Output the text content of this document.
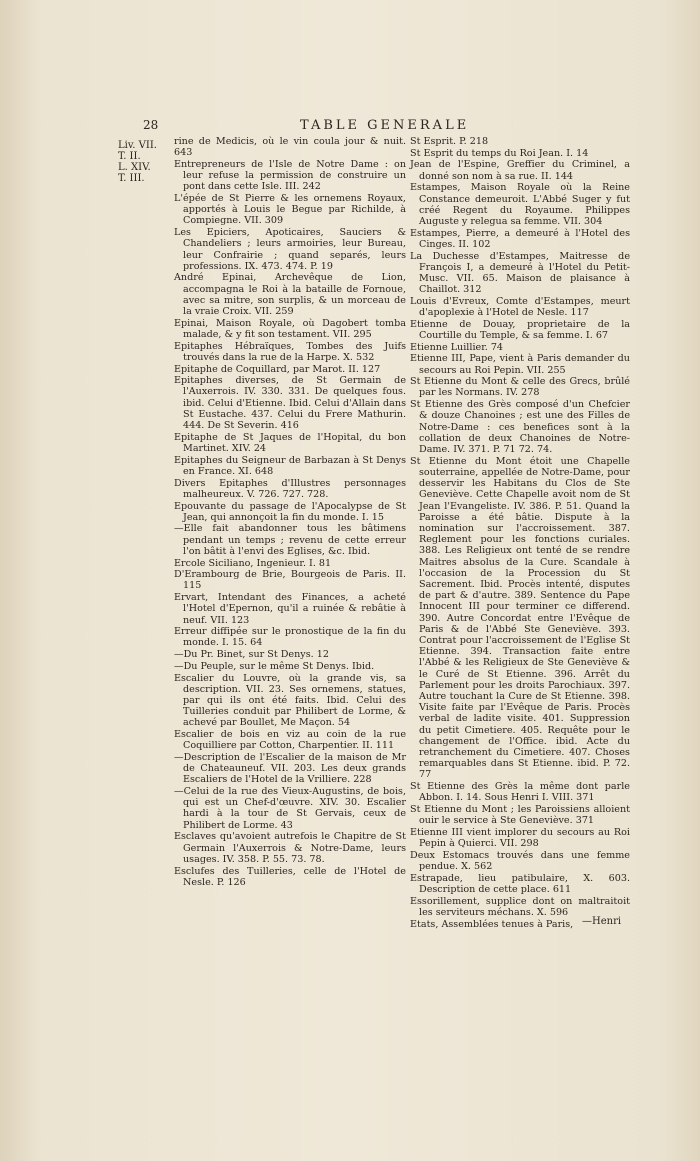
28	TABLE GENERALE
Liv. VII.
T. II.
L. XIV.
T. III.
rine de Medicis, où le vin coula jour & nuit. 643
Entrepreneurs de l'Isle de Notre Dame : on leur refuse la permission de construire un pont dans cette Isle. III. 242
L'épée de St Pierre & les ornemens Royaux, apportés à Louis le Begue par Richilde, à Compiegne. VII. 309
Les Epiciers, Apoticaires, Sauciers & Chandeliers ; leurs armoiries, leur Bureau, leur Confrairie ; quand separés, leurs professions. IX. 473. 474. P. 19
André Epinai, Archevêque de Lion, accompagna le Roi à la bataille de Fornoue, avec sa mitre, son surplis, & un morceau de la vraie Croix. VII. 259
Epinai, Maison Royale, où Dagobert tomba malade, & y fit son testament. VII. 295
Epitaphes Hébraïques, Tombes des Juifs trouvés dans la rue de la Harpe. X. 532
Epitaphe de Coquillard, par Marot. II. 127
Epitaphes diverses, de St Germain de l'Auxerrois. IV. 330. 331. De quelques fous. ibid. Celui d'Etienne. Ibid. Celui d'Allain dans St Eustache. 437. Celui du Frere Mathurin. 444. De St Severin. 416
Epitaphe de St Jaques de l'Hopital, du bon Martinet. XIV. 24
Epitaphes du Seigneur de Barbazan à St Denys en France. XI. 648
Divers Epitaphes d'Illustres personnages malheureux. V. 726. 727. 728.
Epouvante du passage de l'Apocalypse de St Jean, qui annonçoit la fin du monde. I. 15
—Elle fait abandonner tous les bâtimens pendant un temps ; revenu de cette erreur l'on bâtit à l'envi des Eglises, &c. Ibid.
Ercole Siciliano, Ingenieur. I. 81
D'Erambourg de Brie, Bourgeois de Paris. II. 115
Ervart, Intendant des Finances, a acheté l'Hotel d'Epernon, qu'il a ruinée & rebâtie à neuf. VII. 123
Erreur diffipée sur le pronostique de la fin du monde. I. 15. 64
—Du Pr. Binet, sur St Denys. 12
—Du Peuple, sur le même St Denys. Ibid.
Escalier du Louvre, où la grande vis, sa description. VII. 23. Ses ornemens, statues, par qui ils ont été faits. Ibid. Celui des Tuilleries conduit par Philibert de Lorme, & achevé par Boullet, Me Maçon. 54
Escalier de bois en viz au coin de la rue Coquilliere par Cotton, Charpentier. II. 111
—Description de l'Escalier de la maison de Mr de Chateauneuf. VII. 203. Les deux grands Escaliers de l'Hotel de la Vrilliere. 228
—Celui de la rue des Vieux-Augustins, de bois, qui est un Chef-d'œuvre. XIV. 30. Escalier hardi à la tour de St Gervais, ceux de Philibert de Lorme. 43
Esclaves qu'avoient autrefois le Chapitre de St Germain l'Auxerrois & Notre-Dame, leurs usages. IV. 358. P. 55. 73. 78.
Esclufes des Tuilleries, celle de l'Hotel de Nesle. P. 126
St Esprit. P. 218
St Esprit du temps du Roi Jean. I. 14
Jean de l'Espine, Greffier du Criminel, a donné son nom à sa rue. II. 144
Estampes, Maison Royale où la Reine Constance demeuroit. L'Abbé Suger y fut créé Regent du Royaume. Philippes Auguste y relegua sa femme. VII. 304
Estampes, Pierre, a demeuré à l'Hotel des Cinges. II. 102
La Duchesse d'Estampes, Maitresse de François I, a demeuré à l'Hotel du Petit-Musc. VII. 65. Maison de plaisance à Chaillot. 312
Louis d'Evreux, Comte d'Estampes, meurt d'apoplexie à l'Hotel de Nesle. 117
Etienne de Douay, proprietaire de la Courtille du Temple, & sa femme. I. 67
Etienne Luillier. 74
Etienne III, Pape, vient à Paris demander du secours au Roi Pepin. VII. 255
St Etienne du Mont & celle des Grecs, brûlé par les Normans. IV. 278
St Etienne des Grès composé d'un Chefcier & douze Chanoines ; est une des Filles de Notre-Dame : ces benefices sont à la collation de deux Chanoines de Notre-Dame. IV. 371. P. 71 72. 74.
St Etienne du Mont étoit une Chapelle souterraine, appellée de Notre-Dame, pour desservir les Habitans du Clos de Ste Geneviève. Cette Chapelle avoit nom de St Jean l'Evangeliste. IV. 386. P. 51. Quand la Paroisse a été bâtie. Dispute à la nomination sur l'accroissement. 387. Reglement pour les fonctions curiales. 388. Les Religieux ont tenté de se rendre Maitres absolus de la Cure. Scandale à l'occasion de la Procession du St Sacrement. Ibid. Procès intenté, disputes de part & d'autre. 389. Sentence du Pape Innocent III pour terminer ce differend. 390. Autre Concordat entre l'Evêque de Paris & de l'Abbé Ste Geneviève. 393. Contrat pour l'accroissement de l'Eglise St Etienne. 394. Transaction faite entre l'Abbé & les Religieux de Ste Geneviève & le Curé de St Etienne. 396. Arrêt du Parlement pour les droits Parochiaux. 397. Autre touchant la Cure de St Etienne. 398. Visite faite par l'Evêque de Paris. Procès verbal de ladite visite. 401. Suppression du petit Cimetiere. 405. Requête pour le changement de l'Office. ibid. Acte du retranchement du Cimetiere. 407. Choses remarquables dans St Etienne. ibid. P. 72. 77
St Etienne des Grès la même dont parle Abbon. I. 14. Sous Henri I. VIII. 371
St Etienne du Mont ; les Paroissiens alloient ouir le service à Ste Geneviève. 371
Etienne III vient implorer du secours au Roi Pepin à Quierci. VII. 298
Deux Estomacs trouvés dans une femme pendue. X. 562
Estrapade, lieu patibulaire, X. 603. Description de cette place. 611
Essorillement, supplice dont on maltraitoit les serviteurs méchans. X. 596
Etats, Assemblées tenues à Paris, —Henri
